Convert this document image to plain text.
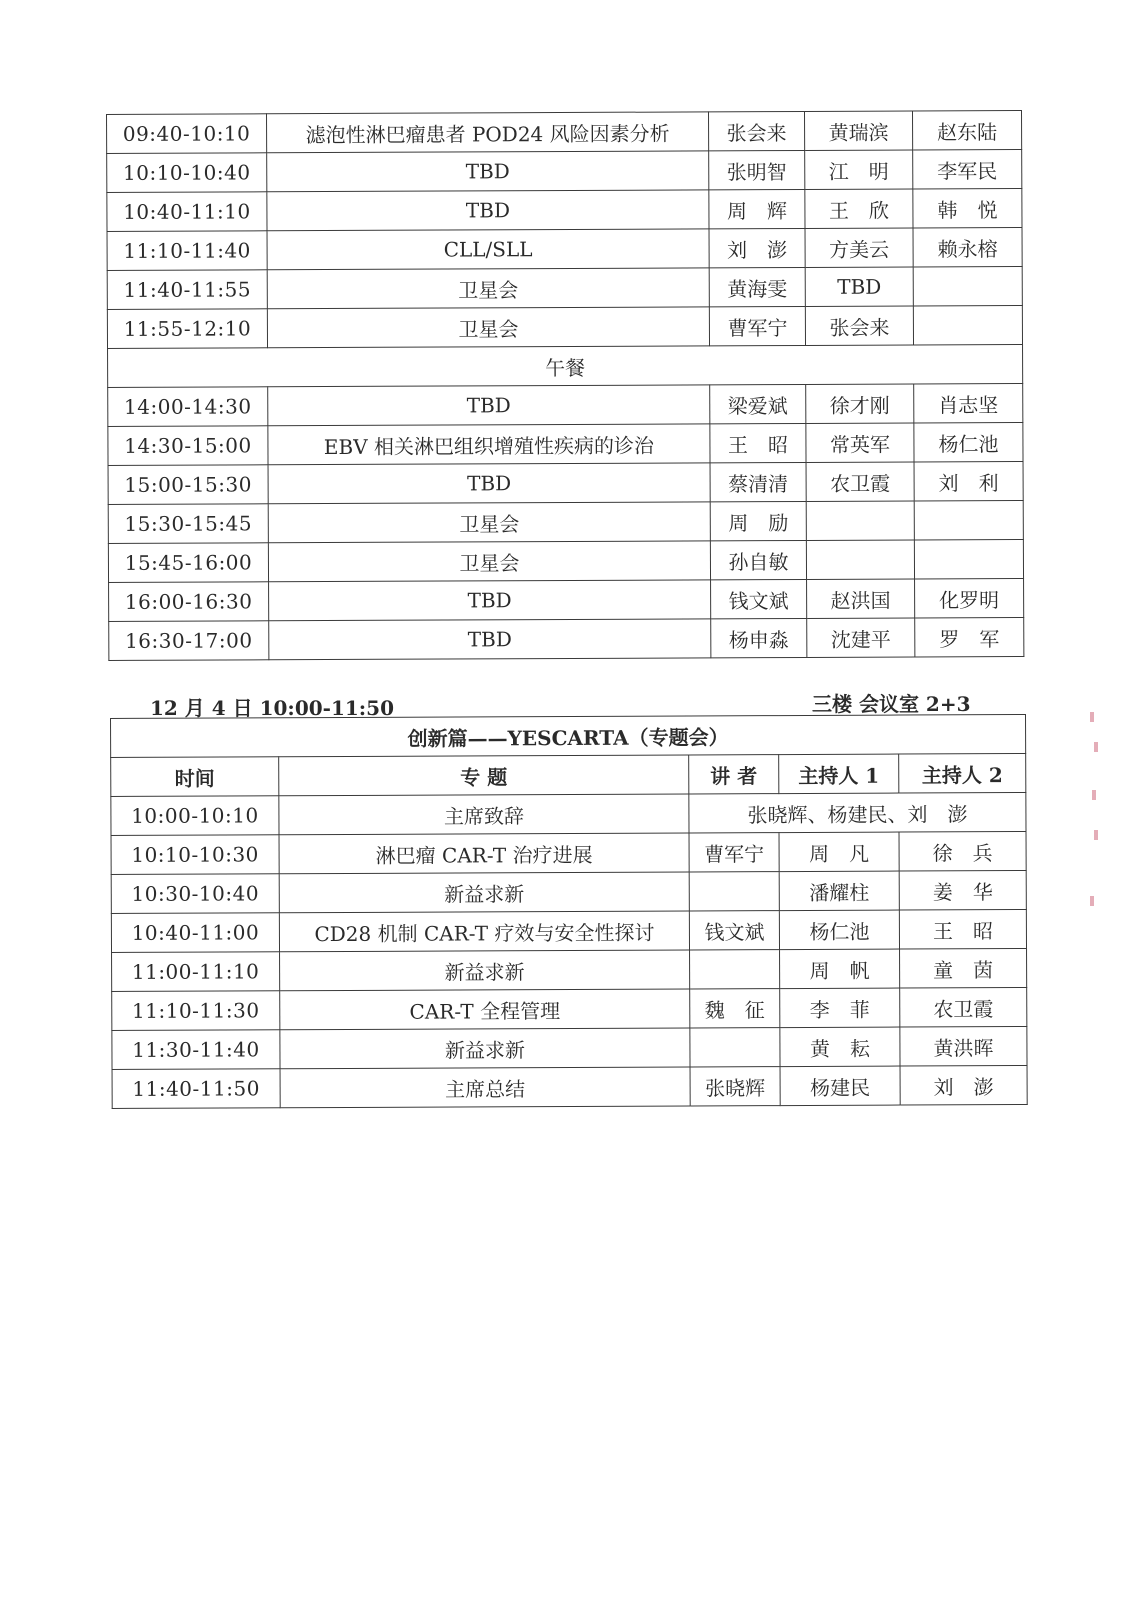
09:40-10:10	滤泡性淋巴瘤患者 POD24 风险因素分析	张会来	黄瑞滨	赵东陆
10:10-10:40	TBD	张明智	江　明	李军民
10:40-11:10	TBD	周　辉	王　欣	韩　悦
11:10-11:40	CLL/SLL	刘　澎	方美云	赖永榕
11:40-11:55	卫星会	黄海雯	TBD	
11:55-12:10	卫星会	曹军宁	张会来	
午餐				
14:00-14:30	TBD	梁爱斌	徐才刚	肖志坚
14:30-15:00	EBV 相关淋巴组织增殖性疾病的诊治	王　昭	常英军	杨仁池
15:00-15:30	TBD	蔡清清	农卫霞	刘　利
15:30-15:45	卫星会	周　励		
15:45-16:00	卫星会	孙自敏		
16:00-16:30	TBD	钱文斌	赵洪国	化罗明
16:30-17:00	TBD	杨申淼	沈建平	罗　军
12 月 4 日 10:00-11:50	三楼 会议室 2+3
创新篇——YESCARTA（专题会）				
时间	专 题	讲 者	主持人 1	主持人 2
10:00-10:10	主席致辞	张晓辉、杨建民、刘　澎		
10:10-10:30	淋巴瘤 CAR-T 治疗进展	曹军宁	周　凡	徐　兵
10:30-10:40	新益求新		潘耀柱	姜　华
10:40-11:00	CD28 机制 CAR-T 疗效与安全性探讨	钱文斌	杨仁池	王　昭
11:00-11:10	新益求新		周　帆	童　茵
11:10-11:30	CAR-T 全程管理	魏　征	李　菲	农卫霞
11:30-11:40	新益求新		黄　耘	黄洪晖
11:40-11:50	主席总结	张晓辉	杨建民	刘　澎
